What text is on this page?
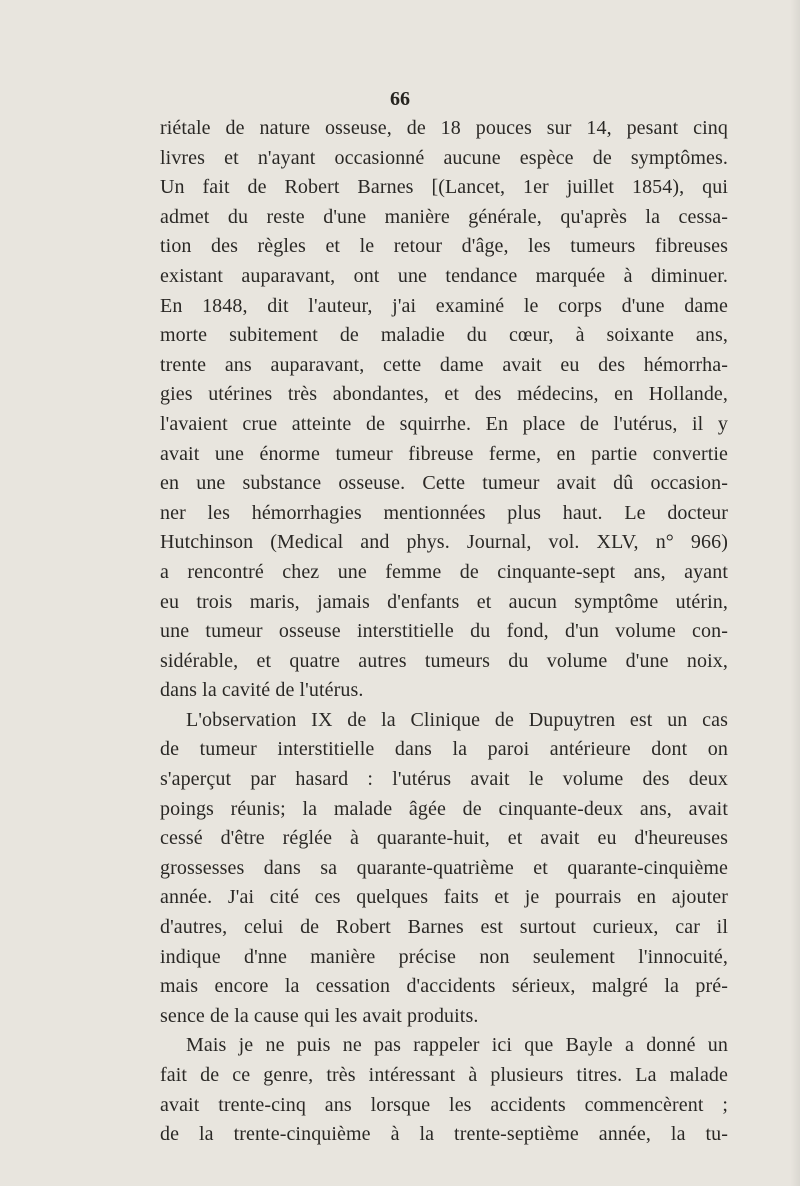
66
riétale de nature osseuse, de 18 pouces sur 14, pesant cinq
livres et n'ayant occasionné aucune espèce de symptômes.
Un fait de Robert Barnes [(Lancet, 1er juillet 1854), qui
admet du reste d'une manière générale, qu'après la cessa-
tion des règles et le retour d'âge, les tumeurs fibreuses
existant auparavant, ont une tendance marquée à diminuer.
En 1848, dit l'auteur, j'ai examiné le corps d'une dame
morte subitement de maladie du cœur, à soixante ans,
trente ans auparavant, cette dame avait eu des hémorrha-
gies utérines très abondantes, et des médecins, en Hollande,
l'avaient crue atteinte de squirrhe. En place de l'utérus, il y
avait une énorme tumeur fibreuse ferme, en partie convertie
en une substance osseuse. Cette tumeur avait dû occasion-
ner les hémorrhagies mentionnées plus haut. Le docteur
Hutchinson (Medical and phys. Journal, vol. XLV, n° 966)
a rencontré chez une femme de cinquante-sept ans, ayant
eu trois maris, jamais d'enfants et aucun symptôme utérin,
une tumeur osseuse interstitielle du fond, d'un volume con-
sidérable, et quatre autres tumeurs du volume d'une noix,
dans la cavité de l'utérus.
L'observation IX de la Clinique de Dupuytren est un cas
de tumeur interstitielle dans la paroi antérieure dont on
s'aperçut par hasard : l'utérus avait le volume des deux
poings réunis; la malade âgée de cinquante-deux ans, avait
cessé d'être réglée à quarante-huit, et avait eu d'heureuses
grossesses dans sa quarante-quatrième et quarante-cinquième
année. J'ai cité ces quelques faits et je pourrais en ajouter
d'autres, celui de Robert Barnes est surtout curieux, car il
indique d'nne manière précise non seulement l'innocuité,
mais encore la cessation d'accidents sérieux, malgré la pré-
sence de la cause qui les avait produits.
Mais je ne puis ne pas rappeler ici que Bayle a donné un
fait de ce genre, très intéressant à plusieurs titres. La malade
avait trente-cinq ans lorsque les accidents commencèrent ;
de la trente-cinquième à la trente-septième année, la tu-
